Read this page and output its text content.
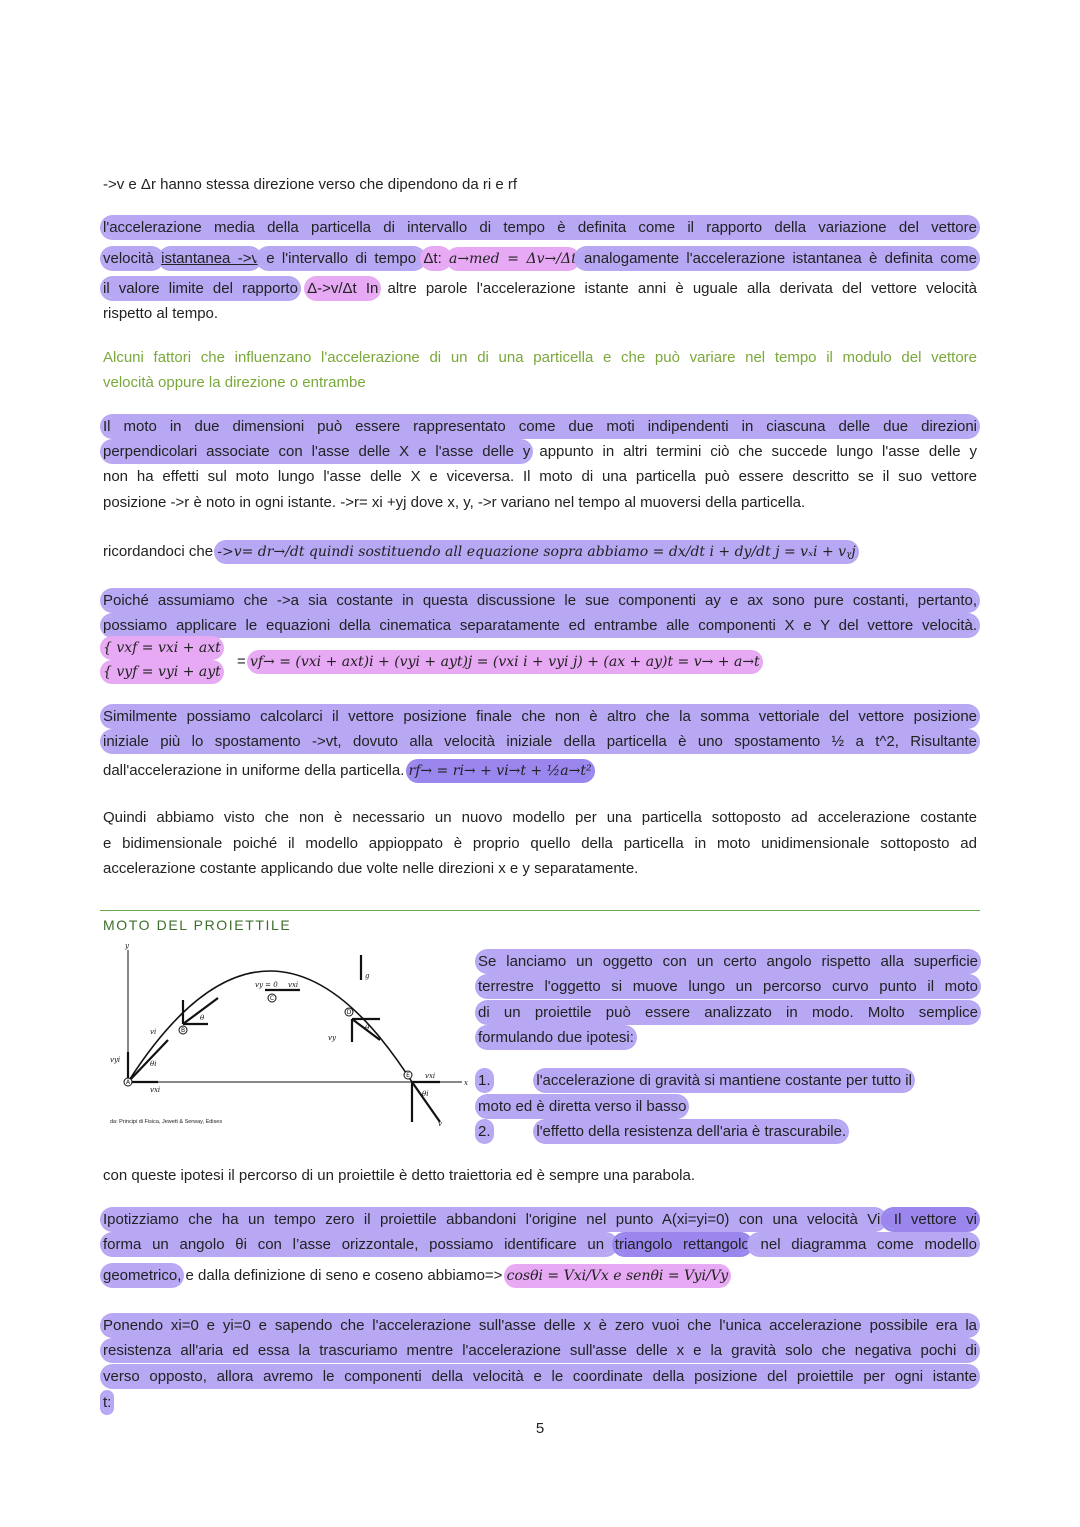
->v e Δr hanno stessa direzione verso che dipendono da ri e rf
l'accelerazione media della particella di intervallo di tempo è definita come il rapporto della variazione del vettore
velocità istantanea ->v e l'intervallo di tempo Δt: a→med = Δv→/Δt analogamente l'accelerazione istantanea è definita come
il valore limite del rapporto Δ->v/Δt In altre parole l'accelerazione istante anni è uguale alla derivata del vettore velocità
rispetto al tempo.
Alcuni fattori che influenzano l'accelerazione di un di una particella e che può variare nel tempo il modulo del vettore
velocità oppure la direzione o entrambe
Il moto in due dimensioni può essere rappresentato come due moti indipendenti in ciascuna delle due direzioni
perpendicolari associate con l'asse delle X e l'asse delle y appunto in altri termini ciò che succede lungo l'asse delle y
non ha effetti sul moto lungo l'asse delle X e viceversa. Il moto di una particella può essere descritto se il suo vettore
posizione ->r è noto in ogni istante. ->r= xi +yj dove x, y, ->r variano nel tempo al muoversi della particella.
ricordandoci che ->v= dr→/dt quindi sostituendo all equazione sopra abbiamo = dx/dt i + dy/dt j = vₓi + vᵧj
Poiché assumiamo che ->a sia costante in questa discussione le sue componenti ay e ax sono pure costanti, pertanto,
possiamo applicare le equazioni della cinematica separatamente ed entrambe alle componenti X e Y del vettore velocità.
{ vxf = vxi + axt
{ vyf = vyi + ayt
= vf→ = (vxi + axt)i + (vyi + ayt)j = (vxi i + vyi j) + (ax + ay)t = v→ + a→t
Similmente possiamo calcolarci il vettore posizione finale che non è altro che la somma vettoriale del vettore posizione
iniziale più lo spostamento ->vt, dovuto alla velocità iniziale della particella è uno spostamento ½ a t^2, Risultante
dall'accelerazione in uniforme della particella. rf→ = ri→ + vi→t + ½a→t²
Quindi abbiamo visto che non è necessario un nuovo modello per una particella sottoposto ad accelerazione costante
e bidimensionale poiché il modello appioppato è proprio quello della particella in moto unidimensionale sottoposto ad
accelerazione costante applicando due volte nelle direzioni x e y separatamente.
Se lanciamo un oggetto con un certo angolo rispetto alla superficie
terrestre l'oggetto si muove lungo un percorso curvo punto il moto
di un proiettile può essere analizzato in modo. Molto semplice
formulando due ipotesi:
1.	l'accelerazione di gravità si mantiene costante per tutto il
moto ed è diretta verso il basso
2.	l'effetto della resistenza dell'aria è trascurabile.
con queste ipotesi il percorso di un proiettile è detto traiettoria ed è sempre una parabola.
Ipotizziamo che ha un tempo zero il proiettile abbandoni l'origine nel punto A(xi=yi=0) con una velocità Vi. Il vettore vi
forma un angolo θi con l’asse orizzontale, possiamo identificare un triangolo rettangolo nel diagramma come modello
geometrico, e dalla definizione di seno e coseno abbiamo=> cosθi = Vxi/Vx e senθi = Vyi/Vy
Ponendo xi=0 e yi=0 e sapendo che l'accelerazione sull'asse delle x è zero vuoi che l'unica accelerazione possibile era la
resistenza all'aria ed essa la trascuriamo mentre l'accelerazione sull'asse delle x e la gravità solo che negativa pochi di
verso opposto, allora avremo le componenti della velocità e le coordinate della posizione del proiettile per ogni istante
t:
MOTO DEL PROIETTILE
y
x
g
vy = 0 vxi
vyi
vi
vxi
θi
θ
θ
vy
vxi
θi
v
A
B
C
D
E
da: Principi di Fisica, Jewett & Serway, Edises
5
